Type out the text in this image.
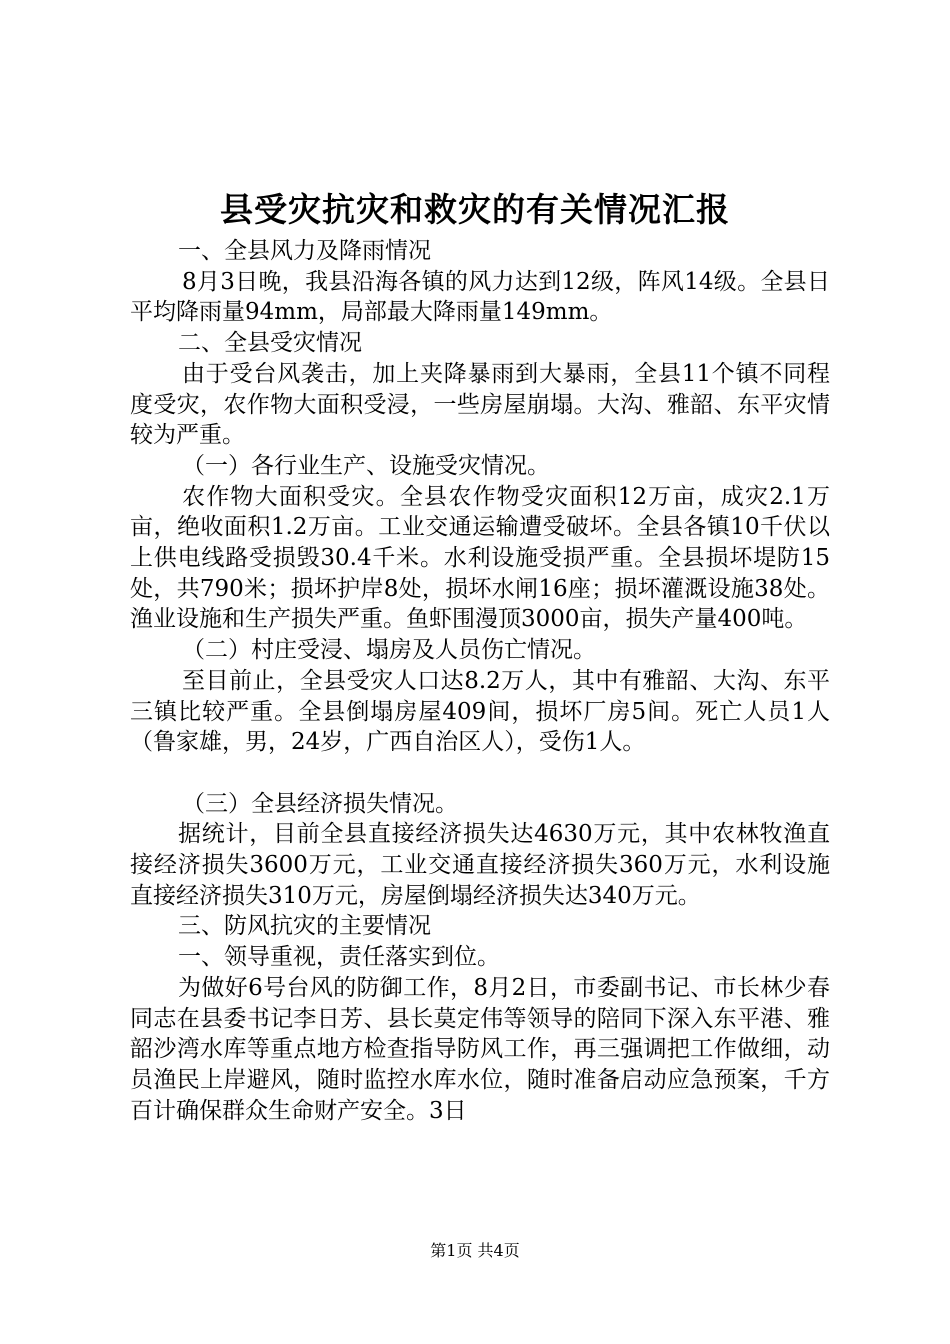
县受灾抗灾和救灾的有关情况汇报

一、全县风力及降雨情况

8月3日晚，我县沿海各镇的风力达到12级，阵风14级。全县日平均降雨量94mm，局部最大降雨量149mm。

二、全县受灾情况

由于受台风袭击，加上夹降暴雨到大暴雨，全县11个镇不同程度受灾，农作物大面积受浸，一些房屋崩塌。大沟、雅韶、东平灾情较为严重。

（一）各行业生产、设施受灾情况。

农作物大面积受灾。全县农作物受灾面积12万亩，成灾2.1万亩，绝收面积1.2万亩。工业交通运输遭受破坏。全县各镇10千伏以上供电线路受损毁30.4千米。水利设施受损严重。全县损坏堤防15处，共790米；损坏护岸8处，损坏水闸16座；损坏灌溉设施38处。渔业设施和生产损失严重。鱼虾围漫顶3000亩，损失产量400吨。

（二）村庄受浸、塌房及人员伤亡情况。

至目前止，全县受灾人口达8.2万人，其中有雅韶、大沟、东平三镇比较严重。全县倒塌房屋409间，损坏厂房5间。死亡人员1人（鲁家雄，男，24岁，广西自治区人），受伤1人。

（三）全县经济损失情况。

据统计，目前全县直接经济损失达4630万元，其中农林牧渔直接经济损失3600万元，工业交通直接经济损失360万元，水利设施直接经济损失310万元，房屋倒塌经济损失达340万元。

三、防风抗灾的主要情况

一、领导重视，责任落实到位。

为做好6号台风的防御工作，8月2日，市委副书记、市长林少春同志在县委书记李日芳、县长莫定伟等领导的陪同下深入东平港、雅韶沙湾水库等重点地方检查指导防风工作，再三强调把工作做细，动员渔民上岸避风，随时监控水库水位，随时准备启动应急预案，千方百计确保群众生命财产安全。3日

第1页 共4页
